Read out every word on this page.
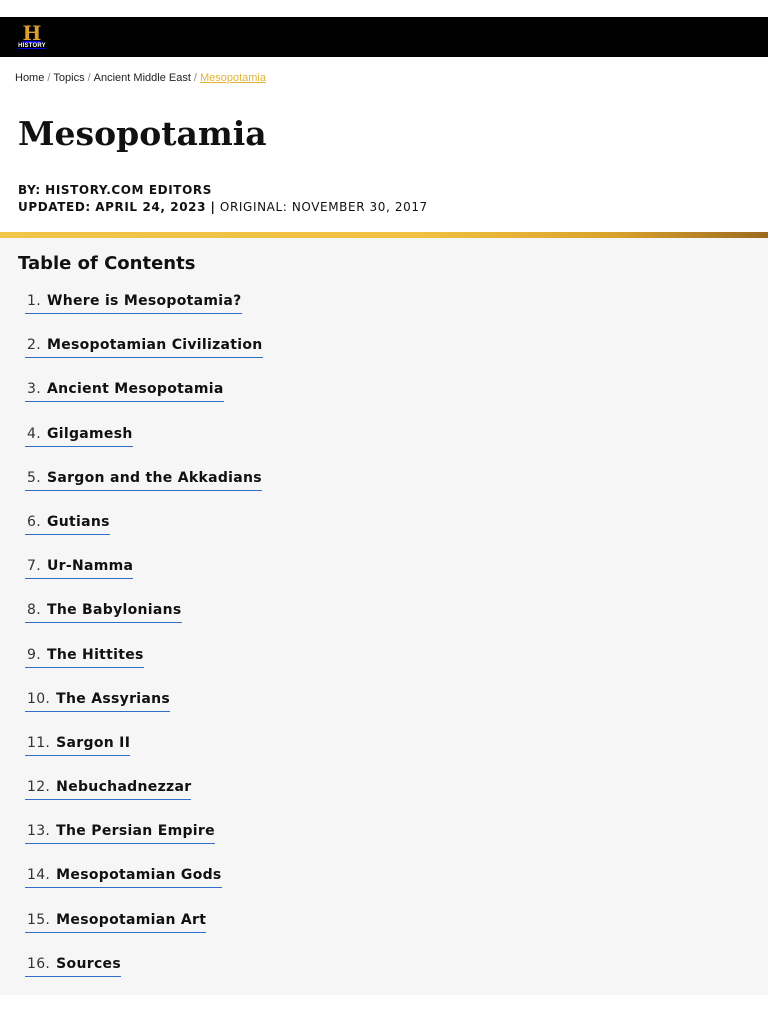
H
HISTORY
Home / Topics / Ancient Middle East / Mesopotamia
Mesopotamia
BY: HISTORY.COM EDITORS
UPDATED: APRIL 24, 2023 | ORIGINAL: NOVEMBER 30, 2017
Table of Contents
1. Where is Mesopotamia?
2. Mesopotamian Civilization
3. Ancient Mesopotamia
4. Gilgamesh
5. Sargon and the Akkadians
6. Gutians
7. Ur-Namma
8. The Babylonians
9. The Hittites
10. The Assyrians
11. Sargon II
12. Nebuchadnezzar
13. The Persian Empire
14. Mesopotamian Gods
15. Mesopotamian Art
16. Sources
